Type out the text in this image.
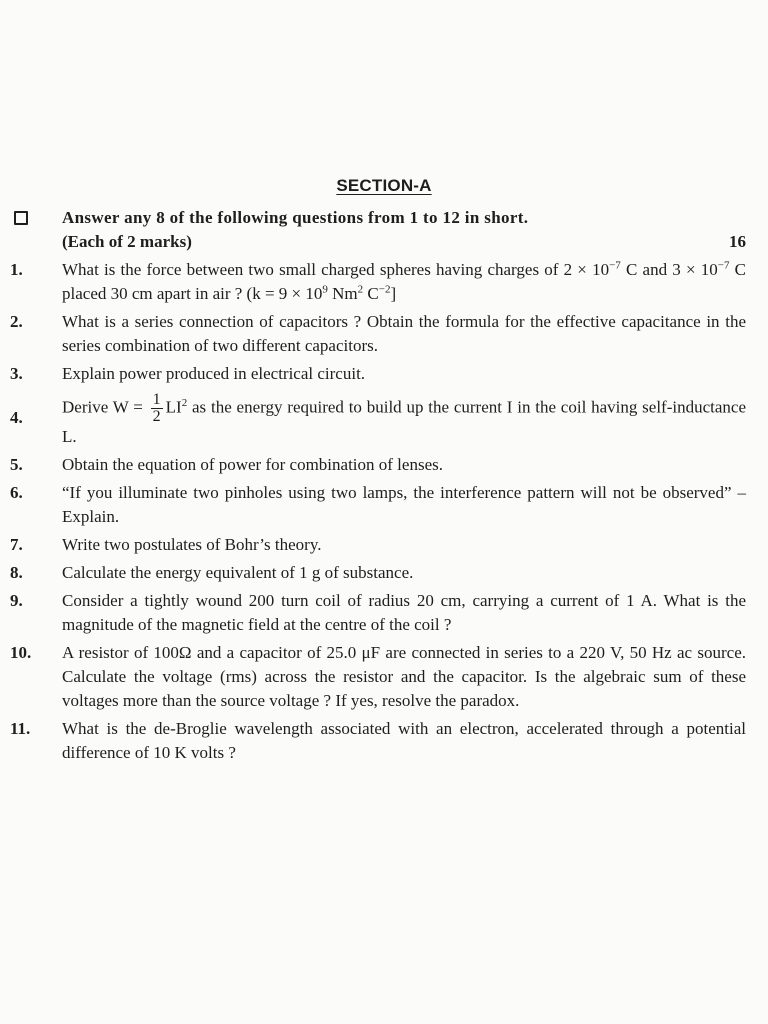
SECTION-A
Answer any 8 of the following questions from 1 to 12 in short.
(Each of 2 marks)	16
1.	What is the force between two small charged spheres having charges of $2 \times 10^{-7}$ C and $3 \times 10^{-7}$ C placed 30 cm apart in air ? ($k = 9 \times 10^9$ Nm$^2$ $C^{-2}$]
2.	What is a series connection of capacitors ? Obtain the formula for the effective capacitance in the series combination of two different capacitors.
3.	Explain power produced in electrical circuit.
4.
Derive $W = \frac{1}{2} LI^2$ as the energy required to build up the current I in the coil having self-inductance L.
5.	Obtain the equation of power for combination of lenses.
6.	“If you illuminate two pinholes using two lamps, the interference pattern will not be observed” – Explain.
7.	Write two postulates of Bohr’s theory.
8.	Calculate the energy equivalent of 1 g of substance.
9.	Consider a tightly wound 200 turn coil of radius 20 cm, carrying a current of 1 A. What is the magnitude of the magnetic field at the centre of the coil ?
10.	A resistor of 100Ω and a capacitor of 25.0 μF are connected in series to a 220 V, 50 Hz ac source. Calculate the voltage (rms) across the resistor and the capacitor. Is the algebraic sum of these voltages more than the source voltage ? If yes, resolve the paradox.
11.	What is the de-Broglie wavelength associated with an electron, accelerated through a potential difference of 10 K volts ?
